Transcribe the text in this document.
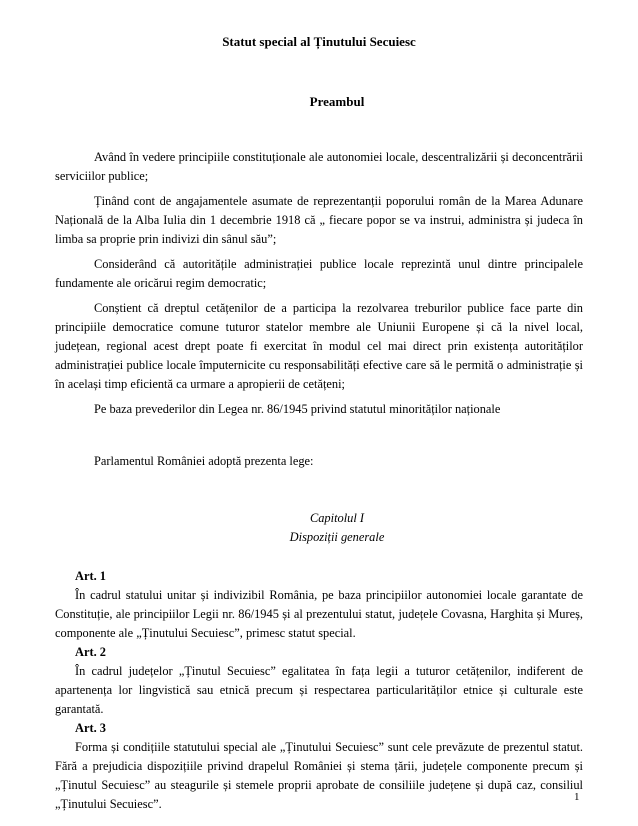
Statut special al Ținutului Secuiesc
Preambul

Având în vedere principiile constituționale ale autonomiei locale, descentralizării și deconcentrării serviciilor publice;

Ținând cont de angajamentele asumate de reprezentanții poporului român de la Marea Adunare Națională de la Alba Iulia din 1 decembrie 1918 că „ fiecare popor se va instrui, administra și judeca în limba sa proprie prin indivizi din sânul său”;

Considerând că autoritățile administrației publice locale reprezintă unul dintre principalele fundamente ale oricărui regim democratic;

Conștient că dreptul cetățenilor de a participa la rezolvarea treburilor publice face parte din principiile democratice comune tuturor statelor membre ale Uniunii Europene și că la nivel local, județean, regional acest drept poate fi exercitat în modul cel mai direct prin existența autorităților administrației publice locale împuternicite cu responsabilități efective care să le permită o administrație și în același timp eficientă ca urmare a apropierii de cetățeni;

Pe baza prevederilor din Legea nr. 86/1945 privind statutul minorităților naționale

Parlamentul României adoptă prezenta lege:

Capitolul I

Dispoziții generale

Art. 1

În cadrul statului unitar și indivizibil România, pe baza principiilor autonomiei locale garantate de Constituție, ale principiilor Legii nr. 86/1945 și al prezentului statut, județele Covasna, Harghita și Mureș, componente ale „Ținutului Secuiesc”, primesc statut special.

Art. 2

În cadrul județelor „Ținutul Secuiesc” egalitatea în fața legii a tuturor cetățenilor, indiferent de apartenența lor lingvistică sau etnică precum și respectarea particularităților etnice și culturale este garantată.

Art. 3

Forma și condițiile statutului special ale „Ținutului Secuiesc” sunt cele prevăzute de prezentul statut. Fără a prejudicia dispozițiile privind drapelul României și stema țării, județele componente precum și „Ținutul Secuiesc” au steagurile și stemele proprii aprobate de consiliile județene și după caz, consiliul „Ținutului Secuiesc”.	1
